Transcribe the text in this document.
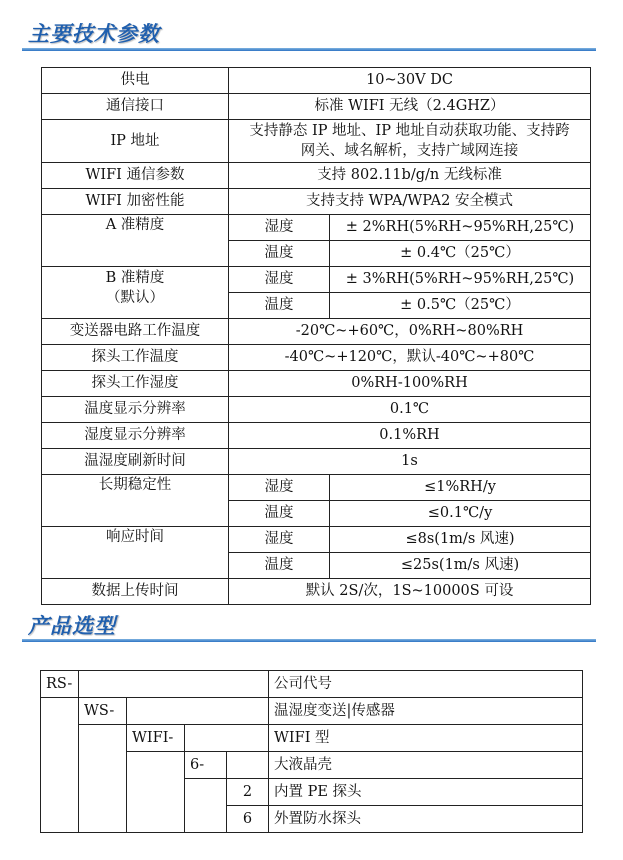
主要技术参数
供电	10~30V DC	
通信接口	标准 WIFI 无线（2.4GHZ）	
IP 地址	支持静态 IP 地址、IP 地址自动获取功能、支持跨
网关、域名解析，支持广域网连接	

WIFI 通信参数	支持 802.11b/g/n 无线标准	
WIFI 加密性能	支持支持 WPA/WPA2 安全模式	
A 准精度	湿度	± 2%RH(5%RH~95%RH,25℃)
	温度	± 0.4℃（25℃）

B 准精度
（默认）	湿度	± 3%RH(5%RH~95%RH,25℃)
	温度	± 0.5℃（25℃）
变送器电路工作温度	-20℃~+60℃，0%RH~80%RH	
探头工作温度	-40℃~+120℃，默认-40℃~+80℃	
探头工作湿度	0%RH-100%RH	
温度显示分辨率	0.1℃	
湿度显示分辨率	0.1%RH	
温湿度刷新时间	1s	
长期稳定性	湿度	≤1%RH/y
	温度	≤0.1℃/y
响应时间	湿度	≤8s(1m/s 风速)
	温度	≤25s(1m/s 风速)
数据上传时间	默认 2S/次，1S~10000S 可设	
产品选型
RS-					公司代号
	WS-				温湿度变送|传感器
		WIFI-			WIFI 型
			6-		大液晶壳
				2	内置 PE 探头
				6	外置防水探头
